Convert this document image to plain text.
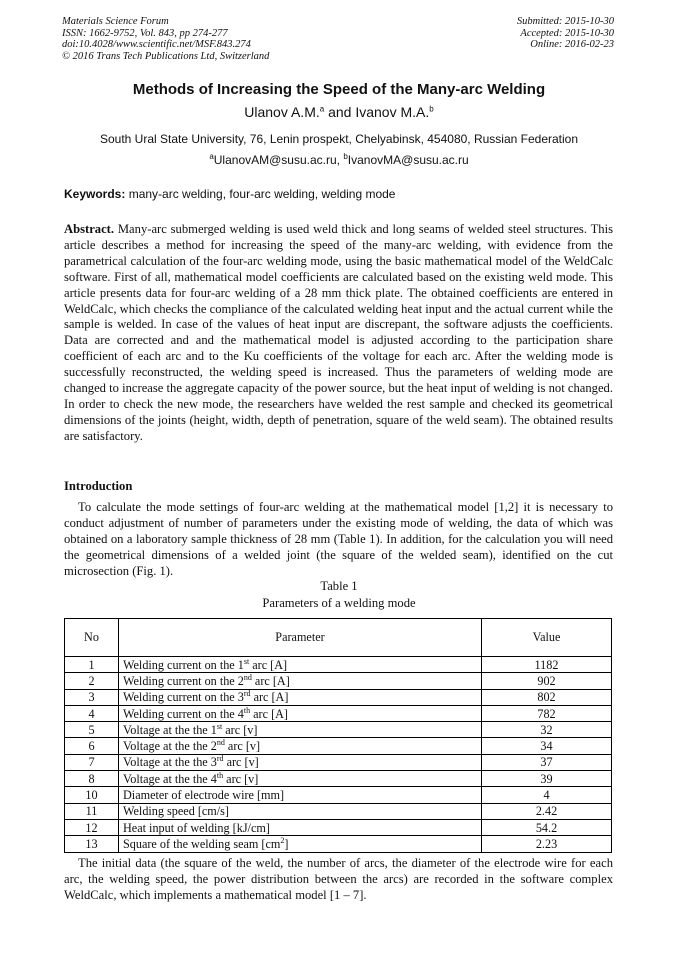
Materials Science Forum
ISSN: 1662-9752, Vol. 843, pp 274-277
doi:10.4028/www.scientific.net/MSF.843.274
© 2016 Trans Tech Publications Ltd, Switzerland
Submitted: 2015-10-30
Accepted: 2015-10-30
Online: 2016-02-23
Methods of Increasing the Speed of the Many-arc Welding
Ulanov A.M.$^a$ and Ivanov M.A.$^b$
South Ural State University, 76, Lenin prospekt, Chelyabinsk, 454080, Russian Federation
$^a$UlanovAM@susu.ac.ru, $^b$IvanovMA@susu.ac.ru
Keywords: many-arc welding, four-arc welding, welding mode
Abstract. Many-arc submerged welding is used weld thick and long seams of welded steel structures. This article describes a method for increasing the speed of the many-arc welding, with evidence from the parametrical calculation of the four-arc welding mode, using the basic mathematical model of the WeldCalc software. First of all, mathematical model coefficients are calculated based on the existing weld mode. This article presents data for four-arc welding of a 28 mm thick plate. The obtained coefficients are entered in WeldCalc, which checks the compliance of the calculated welding heat input and the actual current while the sample is welded. In case of the values of heat input are discrepant, the software adjusts the coefficients. Data are corrected and and the mathematical model is adjusted according to the participation share coefficient of each arc and to the Ku coefficients of the voltage for each arc. After the welding mode is successfully reconstructed, the welding speed is increased. Thus the parameters of welding mode are changed to increase the aggregate capacity of the power source, but the heat input of welding is not changed. In order to check the new mode, the researchers have welded the rest sample and checked its geometrical dimensions of the joints (height, width, depth of penetration, square of the weld seam). The obtained results are satisfactory.
Introduction
To calculate the mode settings of four-arc welding at the mathematical model [1,2] it is necessary to conduct adjustment of number of parameters under the existing mode of welding, the data of which was obtained on a laboratory sample thickness of 28 mm (Table 1). In addition, for the calculation you will need the geometrical dimensions of a welded joint (the square of the welded seam), identified on the cut microsection (Fig. 1).
Table 1
Parameters of a welding mode
No	Parameter	Value
1	Welding current on the 1st arc [A]	1182
2	Welding current on the 2nd arc [A]	902
3	Welding current on the 3rd arc [A]	802
4	Welding current on the 4th arc [A]	782
5	Voltage at the the 1st arc [v]	32
6	Voltage at the the 2nd arc [v]	34
7	Voltage at the the 3rd arc [v]	37
8	Voltage at the the 4th arc [v]	39
10	Diameter of electrode wire [mm]	4
11	Welding speed [cm/s]	2.42
12	Heat input of welding [kJ/cm]	54.2
13	Square of the welding seam $[cm^2]$	2.23
The initial data (the square of the weld, the number of arcs, the diameter of the electrode wire for each arc, the welding speed, the power distribution between the arcs) are recorded in the software complex WeldCalc, which implements a mathematical model [1 – 7].
